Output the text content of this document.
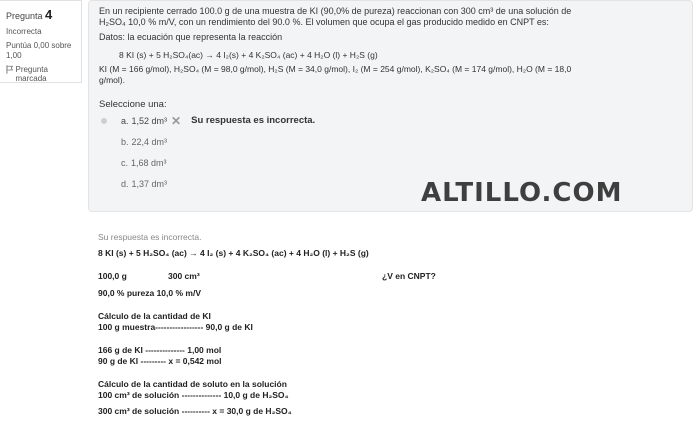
Pregunta 4
Incorrecta
Puntúa 0,00 sobre 1,00
Pregunta marcada

En un recipiente cerrado 100.0 g de una muestra de KI (90,0% de pureza) reaccionan con 300 cm³ de una solución de

H₂SO₄ 10,0 % m/V, con un rendimiento del 90.0 %. El volumen que ocupa el gas producido medido en CNPT es:

Datos: la ecuación que representa la reacción

8 KI (s) + 5 H₂SO₄(ac) → 4 I₂(s) + 4 K₂SO₄ (ac) + 4 H₂O (l) + H₂S (g)
KI (M = 166 g/mol), H₂SO₄ (M = 98,0 g/mol), H₂S (M = 34,0 g/mol), I₂ (M = 254 g/mol), K₂SO₄ (M = 174 g/mol), H₂O (M = 18,0
g/mol).
Seleccione una:
a. 1,52 dm³ ✕ Su respuesta es incorrecta.
b. 22,4 dm³
c. 1,68 dm³
d. 1,37 dm³	ALTILLO.COM
Su respuesta es incorrecta.
8 KI (s) + 5 H₂SO₄ (ac) → 4 I₂ (s) + 4 K₂SO₄ (ac) + 4 H₂O (l) + H₂S (g)
100,0 g	300 cm³	¿V en CNPT?
90,0 % pureza 10,0 % m/V
Cálculo de la cantidad de KI
100 g muestra----------------- 90,0 g de KI
166 g de KI -------------- 1,00 mol
90 g de KI --------- x = 0,542 mol
Cálculo de la cantidad de soluto en la solución
100 cm³ de solución -------------- 10,0 g de H₂SO₄
300 cm³ de solución ---------- x = 30,0 g de H₂SO₄
